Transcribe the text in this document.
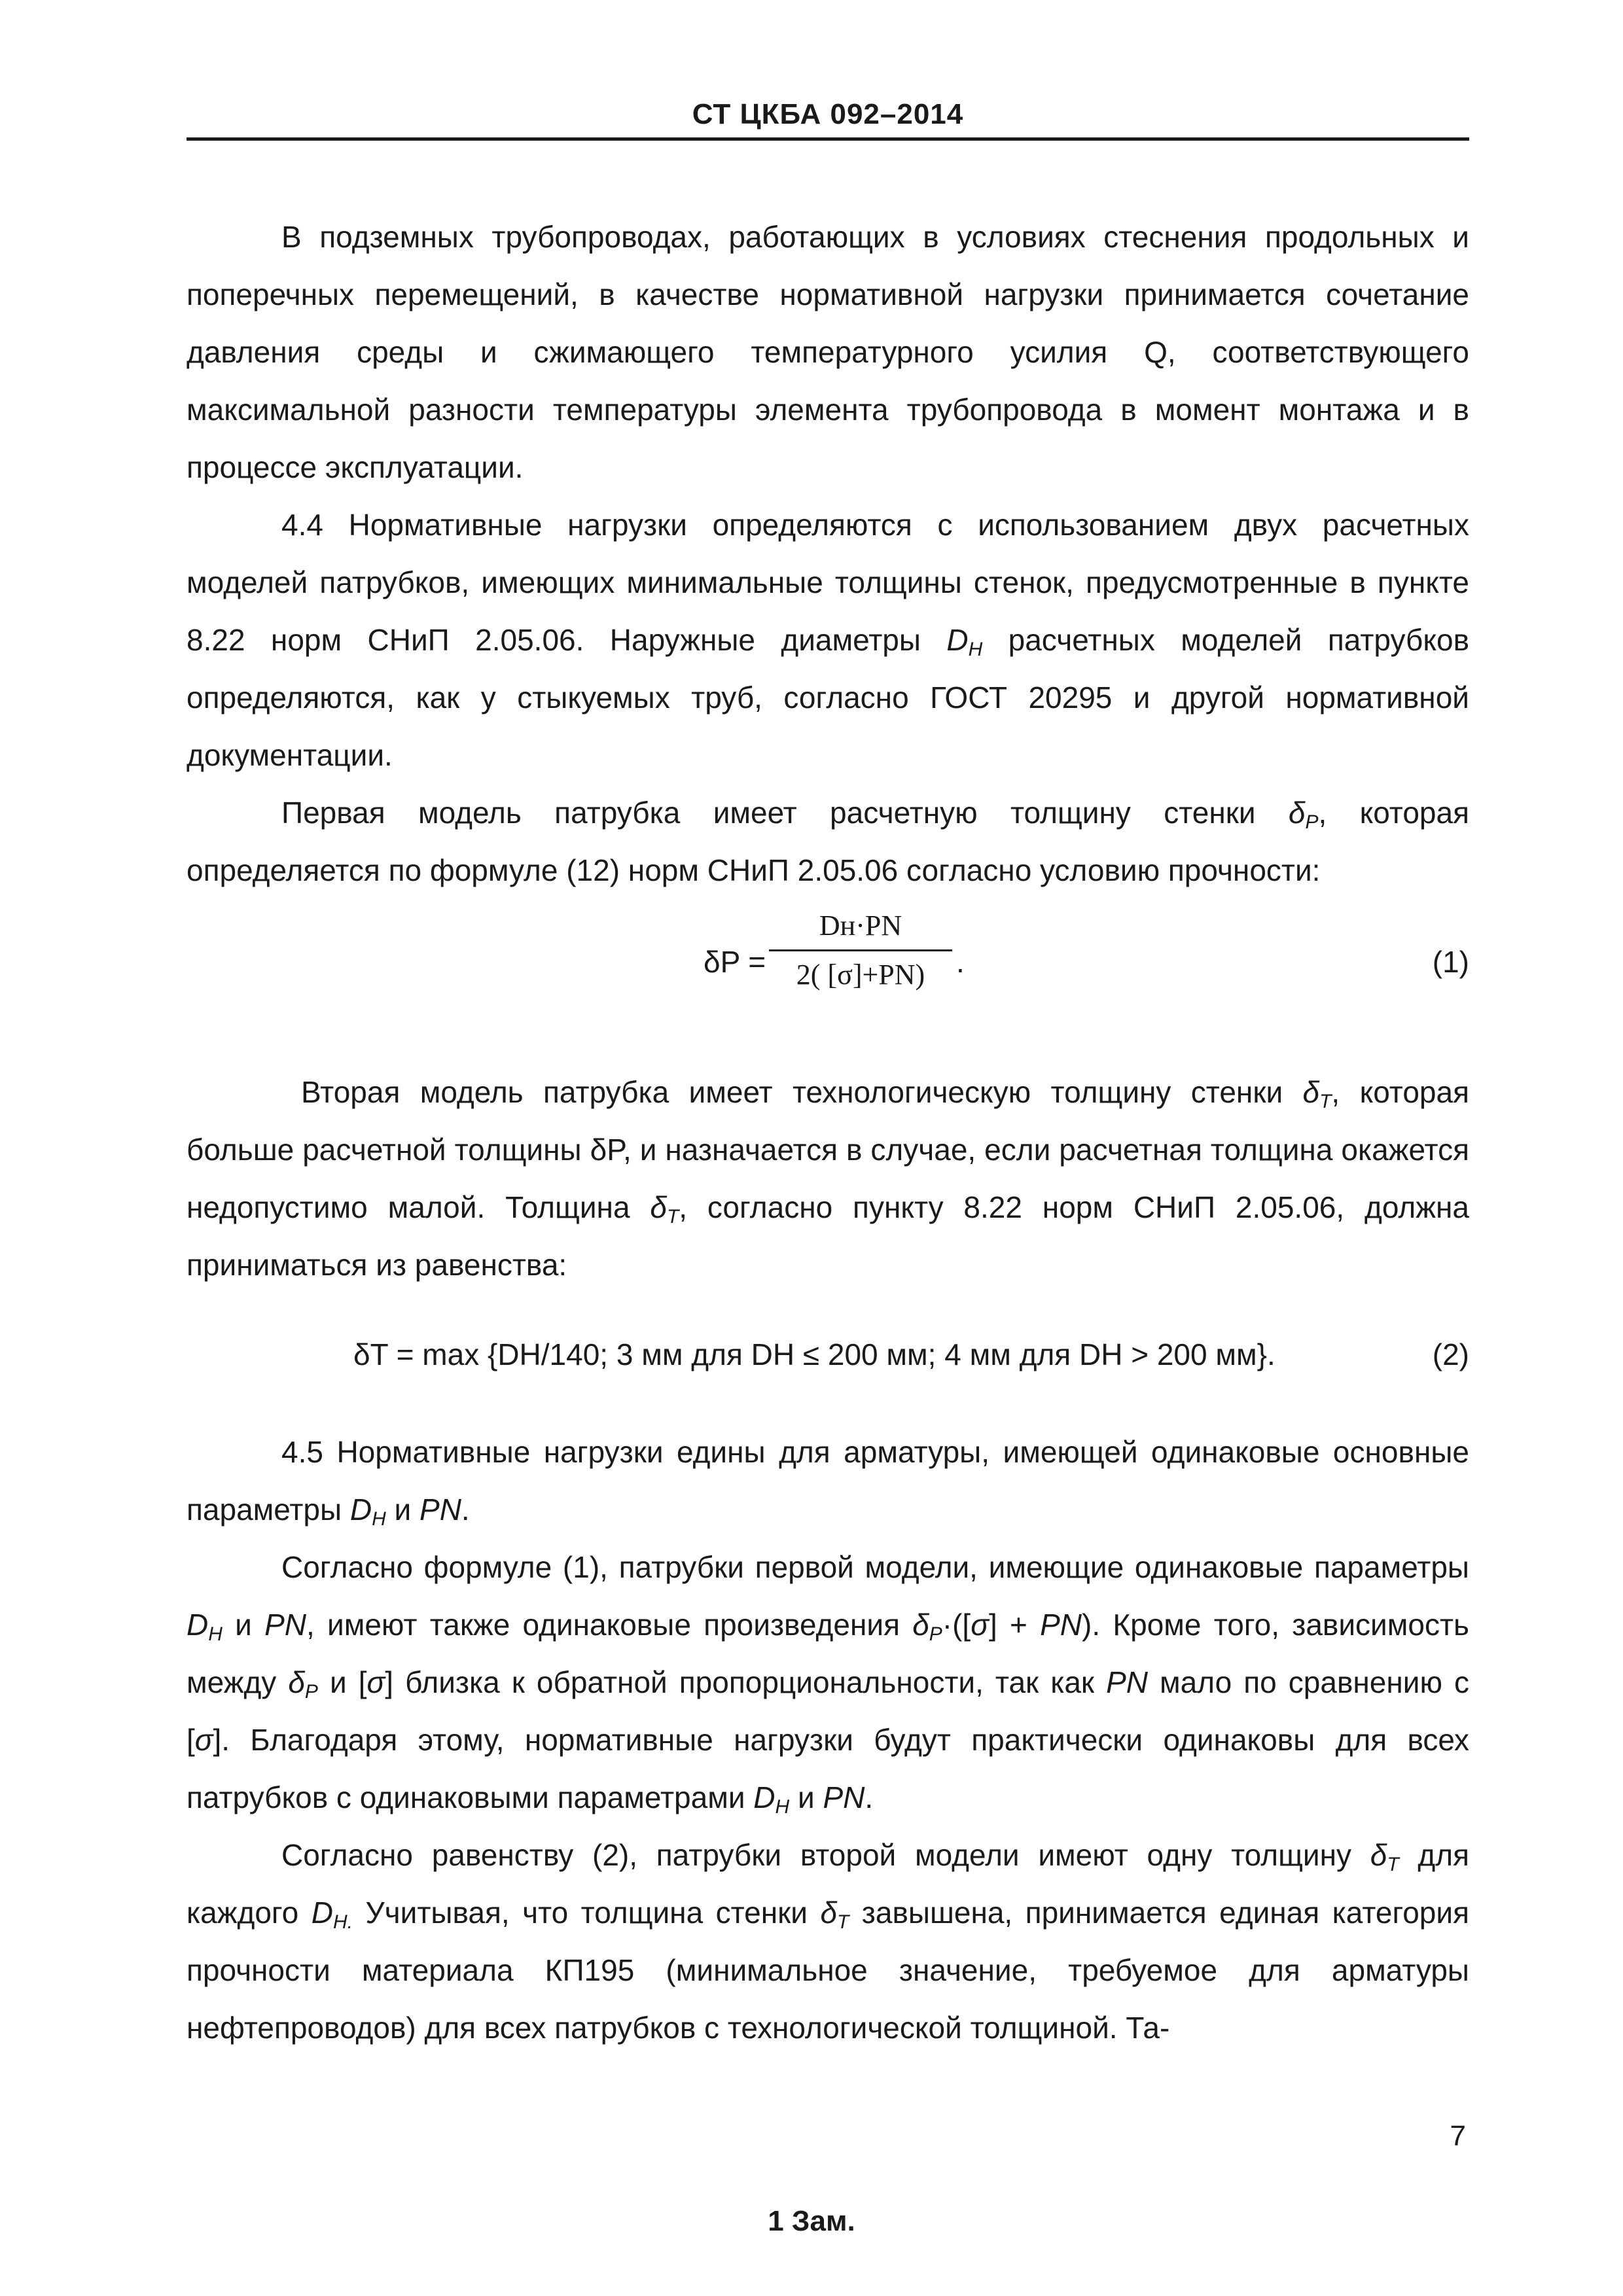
СТ ЦКБА 092–2014

В подземных трубопроводах, работающих в условиях стеснения продольных и поперечных перемещений, в качестве нормативной нагрузки принимается сочетание давления среды и сжимающего температурного усилия Q, соответствующего максимальной разности температуры элемента трубопровода в момент монтажа и в процессе эксплуатации.

4.4 Нормативные нагрузки определяются с использованием двух расчетных моделей патрубков, имеющих минимальные толщины стенок, предусмотренные в пункте 8.22 норм СНиП 2.05.06. Наружные диаметры $D_H$ расчетных моделей патрубков определяются, как у стыкуемых труб, согласно ГОСТ 20295 и другой нормативной документации.

Первая модель патрубка имеет расчетную толщину стенки $\delta_P$, которая определяется по формуле (12) норм СНиП 2.05.06 согласно условию прочности:

δP =
Dн·PN
2( [σ]+PN)	.	(1)

Вторая модель патрубка имеет технологическую толщину стенки $\delta_T$, которая больше расчетной толщины δP, и назначается в случае, если расчетная толщина окажется недопустимо малой. Толщина $\delta_T$, согласно пункту 8.22 норм СНиП 2.05.06, должна приниматься из равенства:

δT = max {DH/140; 3 мм для DH ≤ 200 мм; 4 мм для DH > 200 мм}.	(2)

4.5 Нормативные нагрузки едины для арматуры, имеющей одинаковые основные параметры $D_H$ и PN.

Согласно формуле (1), патрубки первой модели, имеющие одинаковые параметры $D_H$ и PN, имеют также одинаковые произведения $\delta_P\cdot([\sigma] + PN)$. Кроме того, зависимость между $\delta_P$ и [σ] близка к обратной пропорциональности, так как PN мало по сравнению с [σ]. Благодаря этому, нормативные нагрузки будут практически одинаковы для всех патрубков с одинаковыми параметрами $D_H$ и PN.

Согласно равенству (2), патрубки второй модели имеют одну толщину $\delta_T$ для каждого $D_{H.}$ Учитывая, что толщина стенки $\delta_T$ завышена, принимается единая категория прочности материала КП195 (минимальное значение, требуемое для арматуры нефтепроводов) для всех патрубков с технологической толщиной. Та-

7
1 Зам.
